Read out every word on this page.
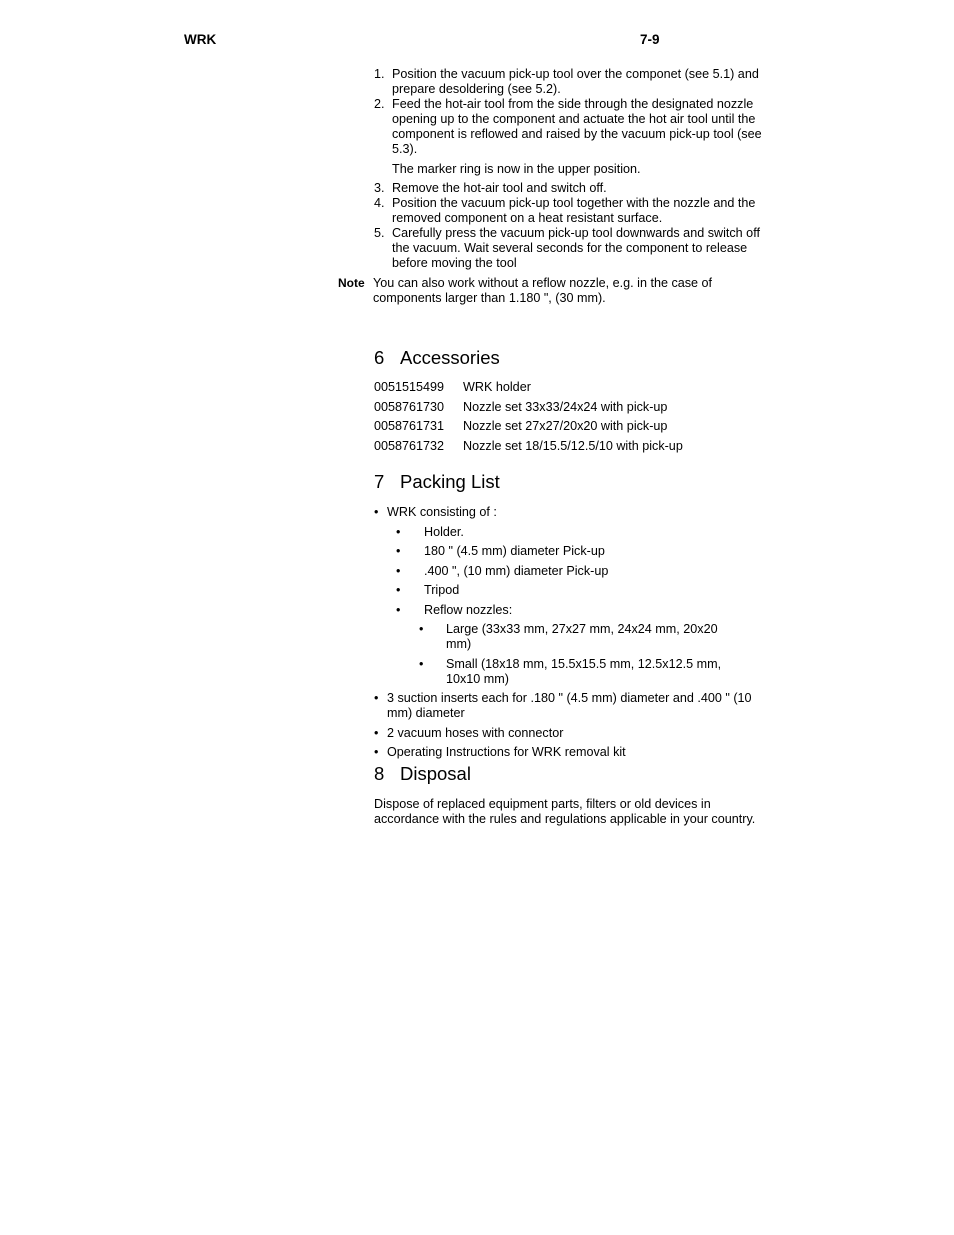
WRK	7-9
1. Position the vacuum pick-up tool over the componet (see 5.1) and prepare desoldering (see 5.2).
2. Feed the hot-air tool from the side through the designated nozzle opening up to the component and actuate the hot air tool until the component is reflowed and raised by the vacuum pick-up tool (see 5.3).
The marker ring is now in the upper position.
3. Remove the hot-air tool and switch off.
4. Position the vacuum pick-up tool together with the nozzle and the removed component on a heat resistant surface.
5. Carefully press the vacuum pick-up tool downwards and switch off the vacuum. Wait several seconds for the component to release before moving the tool
Note You can also work without a reflow nozzle, e.g. in the case of components larger than 1.180 ", (30 mm).
6 Accessories
0051515499	WRK holder
0058761730	Nozzle set 33x33/24x24 with pick-up
0058761731	Nozzle set 27x27/20x20 with pick-up
0058761732	Nozzle set 18/15.5/12.5/10 with pick-up
7 Packing List
• WRK consisting of :
• Holder.
• 180 " (4.5 mm) diameter Pick-up
• .400 ", (10 mm) diameter Pick-up
• Tripod
• Reflow nozzles:
• Large (33x33 mm, 27x27 mm, 24x24 mm, 20x20 mm)
• Small (18x18 mm, 15.5x15.5 mm, 12.5x12.5 mm, 10x10 mm)
• 3 suction inserts each for .180 " (4.5 mm) diameter and .400 " (10 mm) diameter
• 2 vacuum hoses with connector
• Operating Instructions for WRK removal kit
8 Disposal
Dispose of replaced equipment parts, filters or old devices in accordance with the rules and regulations applicable in your country.
